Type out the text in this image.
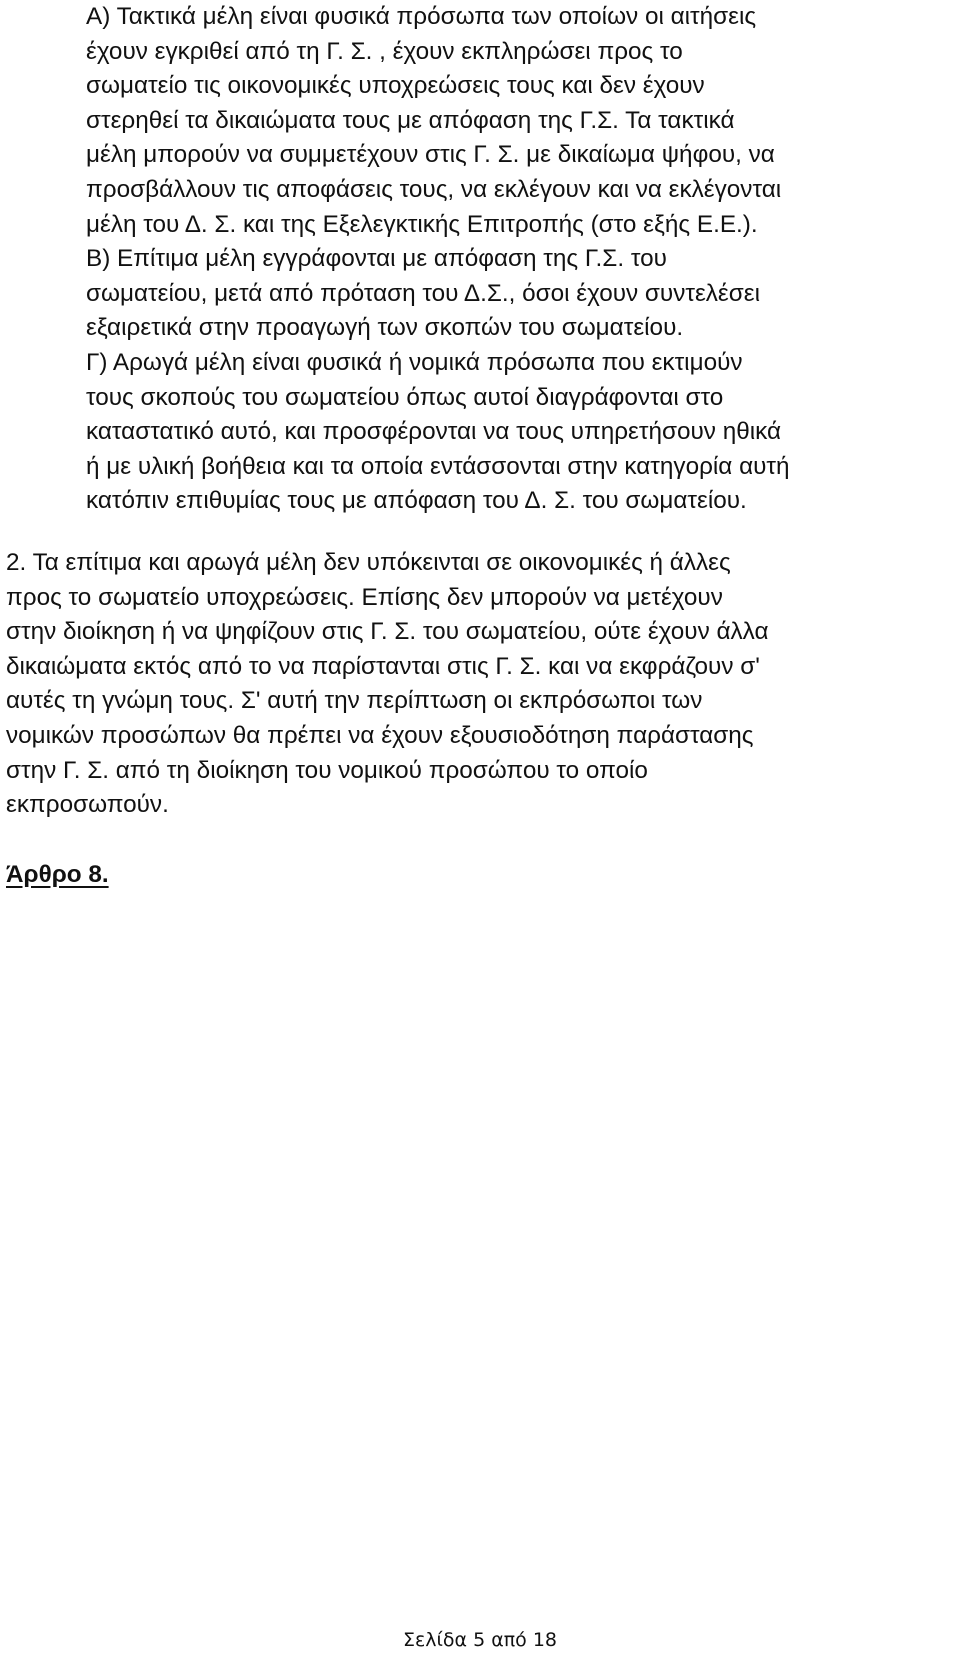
Α) Τακτικά μέλη είναι φυσικά πρόσωπα των οποίων οι αιτήσεις
έχουν εγκριθεί από τη Γ. Σ. , έχουν εκπληρώσει προς το
σωματείο τις οικονομικές υποχρεώσεις τους και δεν έχουν
στερηθεί τα δικαιώματα τους με απόφαση της Γ.Σ. Τα τακτικά
μέλη μπορούν να συμμετέχουν στις Γ. Σ. με δικαίωμα ψήφου, να
προσβάλλουν τις αποφάσεις τους, να εκλέγουν και να εκλέγονται
μέλη του Δ. Σ. και της Εξελεγκτικής Επιτροπής (στο εξής Ε.Ε.).
Β) Επίτιμα μέλη εγγράφονται με απόφαση της Γ.Σ. του
σωματείου, μετά από πρόταση του Δ.Σ., όσοι έχουν συντελέσει
εξαιρετικά στην προαγωγή των σκοπών του σωματείου.
Γ) Αρωγά μέλη είναι φυσικά ή νομικά πρόσωπα που εκτιμούν
τους σκοπούς του σωματείου όπως αυτοί διαγράφονται στο
καταστατικό αυτό, και προσφέρονται να τους υπηρετήσουν ηθικά
ή με υλική βοήθεια και τα οποία εντάσσονται στην κατηγορία αυτή
κατόπιν επιθυμίας τους με απόφαση του Δ. Σ. του σωματείου.
2. Τα επίτιμα και αρωγά μέλη δεν υπόκεινται σε οικονομικές ή άλλες
προς το σωματείο υποχρεώσεις. Επίσης δεν μπορούν να μετέχουν
στην διοίκηση ή να ψηφίζουν στις Γ. Σ. του σωματείου, ούτε έχουν άλλα
δικαιώματα εκτός από το να παρίστανται στις Γ. Σ. και να εκφράζουν σ'
αυτές τη γνώμη τους. Σ' αυτή την περίπτωση οι εκπρόσωποι των
νομικών προσώπων θα πρέπει να έχουν εξουσιοδότηση παράστασης
στην Γ. Σ. από τη διοίκηση του νομικού προσώπου το οποίο
εκπροσωπούν.
Άρθρο 8.
Σελίδα 5 από 18
